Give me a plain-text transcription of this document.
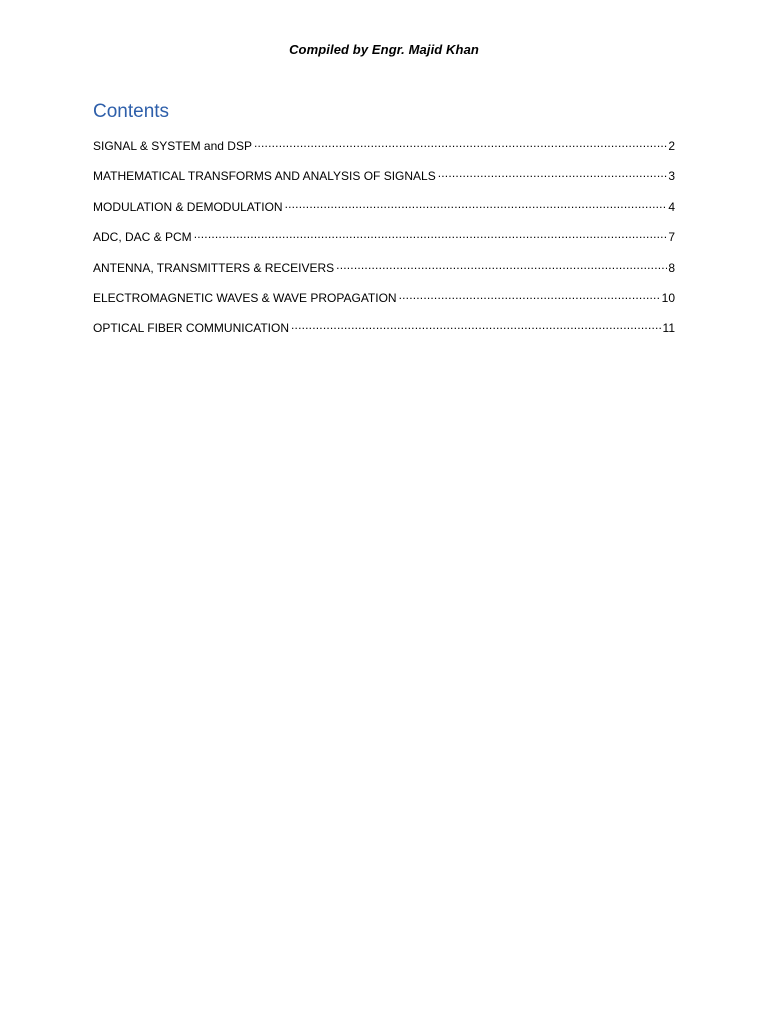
Compiled by Engr. Majid Khan
Contents
SIGNAL & SYSTEM and DSP .....	2
MATHEMATICAL TRANSFORMS AND ANALYSIS OF SIGNALS .....	3
MODULATION & DEMODULATION .....	4
ADC, DAC & PCM .....	7
ANTENNA, TRANSMITTERS & RECEIVERS .....	8
ELECTROMAGNETIC WAVES & WAVE PROPAGATION .....	10
OPTICAL FIBER COMMUNICATION .....	11
